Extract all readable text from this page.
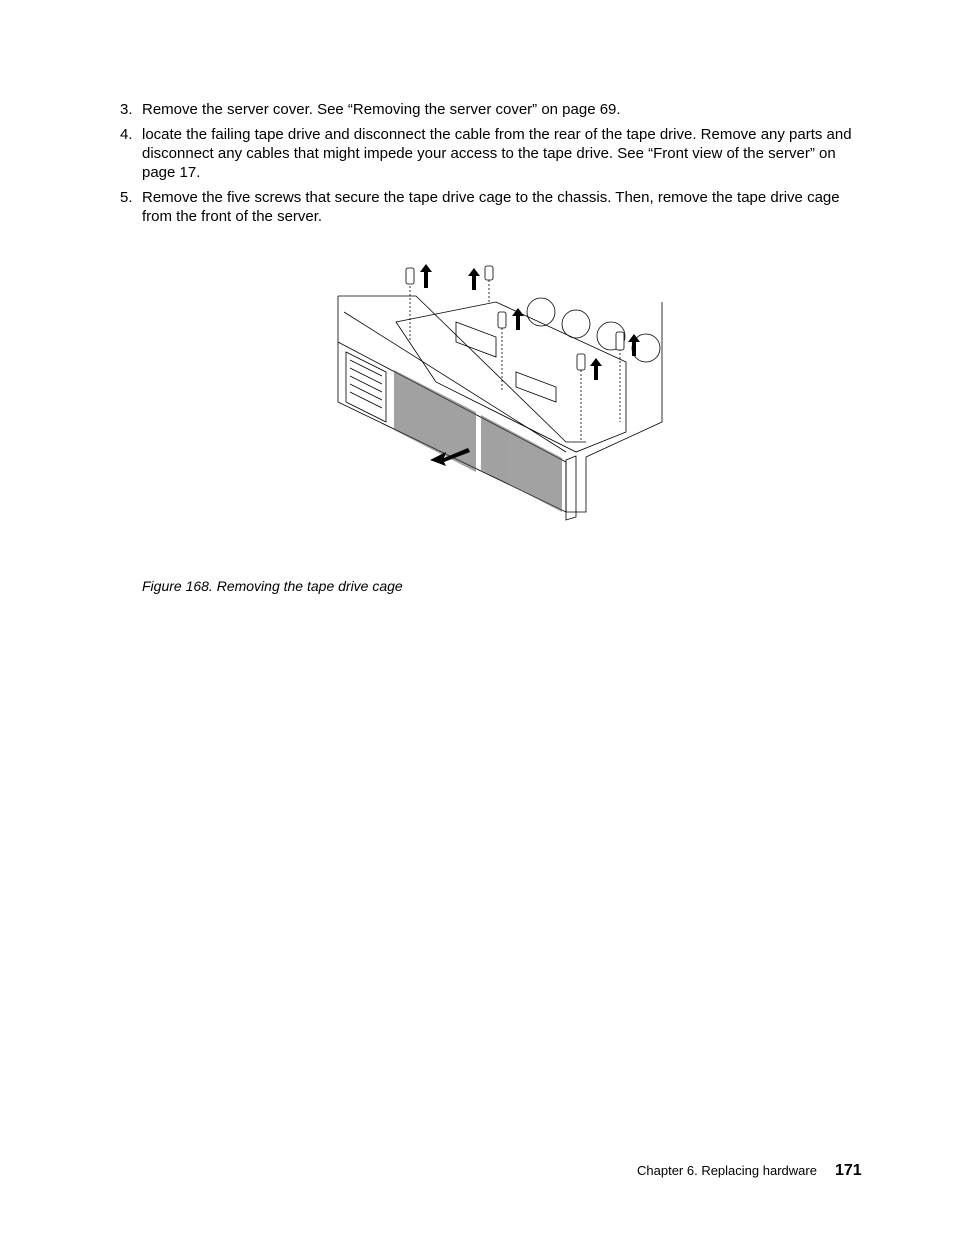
3. Remove the server cover. See “Removing the server cover” on page 69.
4. locate the failing tape drive and disconnect the cable from the rear of the tape drive. Remove any parts and disconnect any cables that might impede your access to the tape drive. See “Front view of the server” on page 17.
5. Remove the five screws that secure the tape drive cage to the chassis. Then, remove the tape drive cage from the front of the server.
Figure 168. Removing the tape drive cage
Chapter 6. Replacing hardware 171
